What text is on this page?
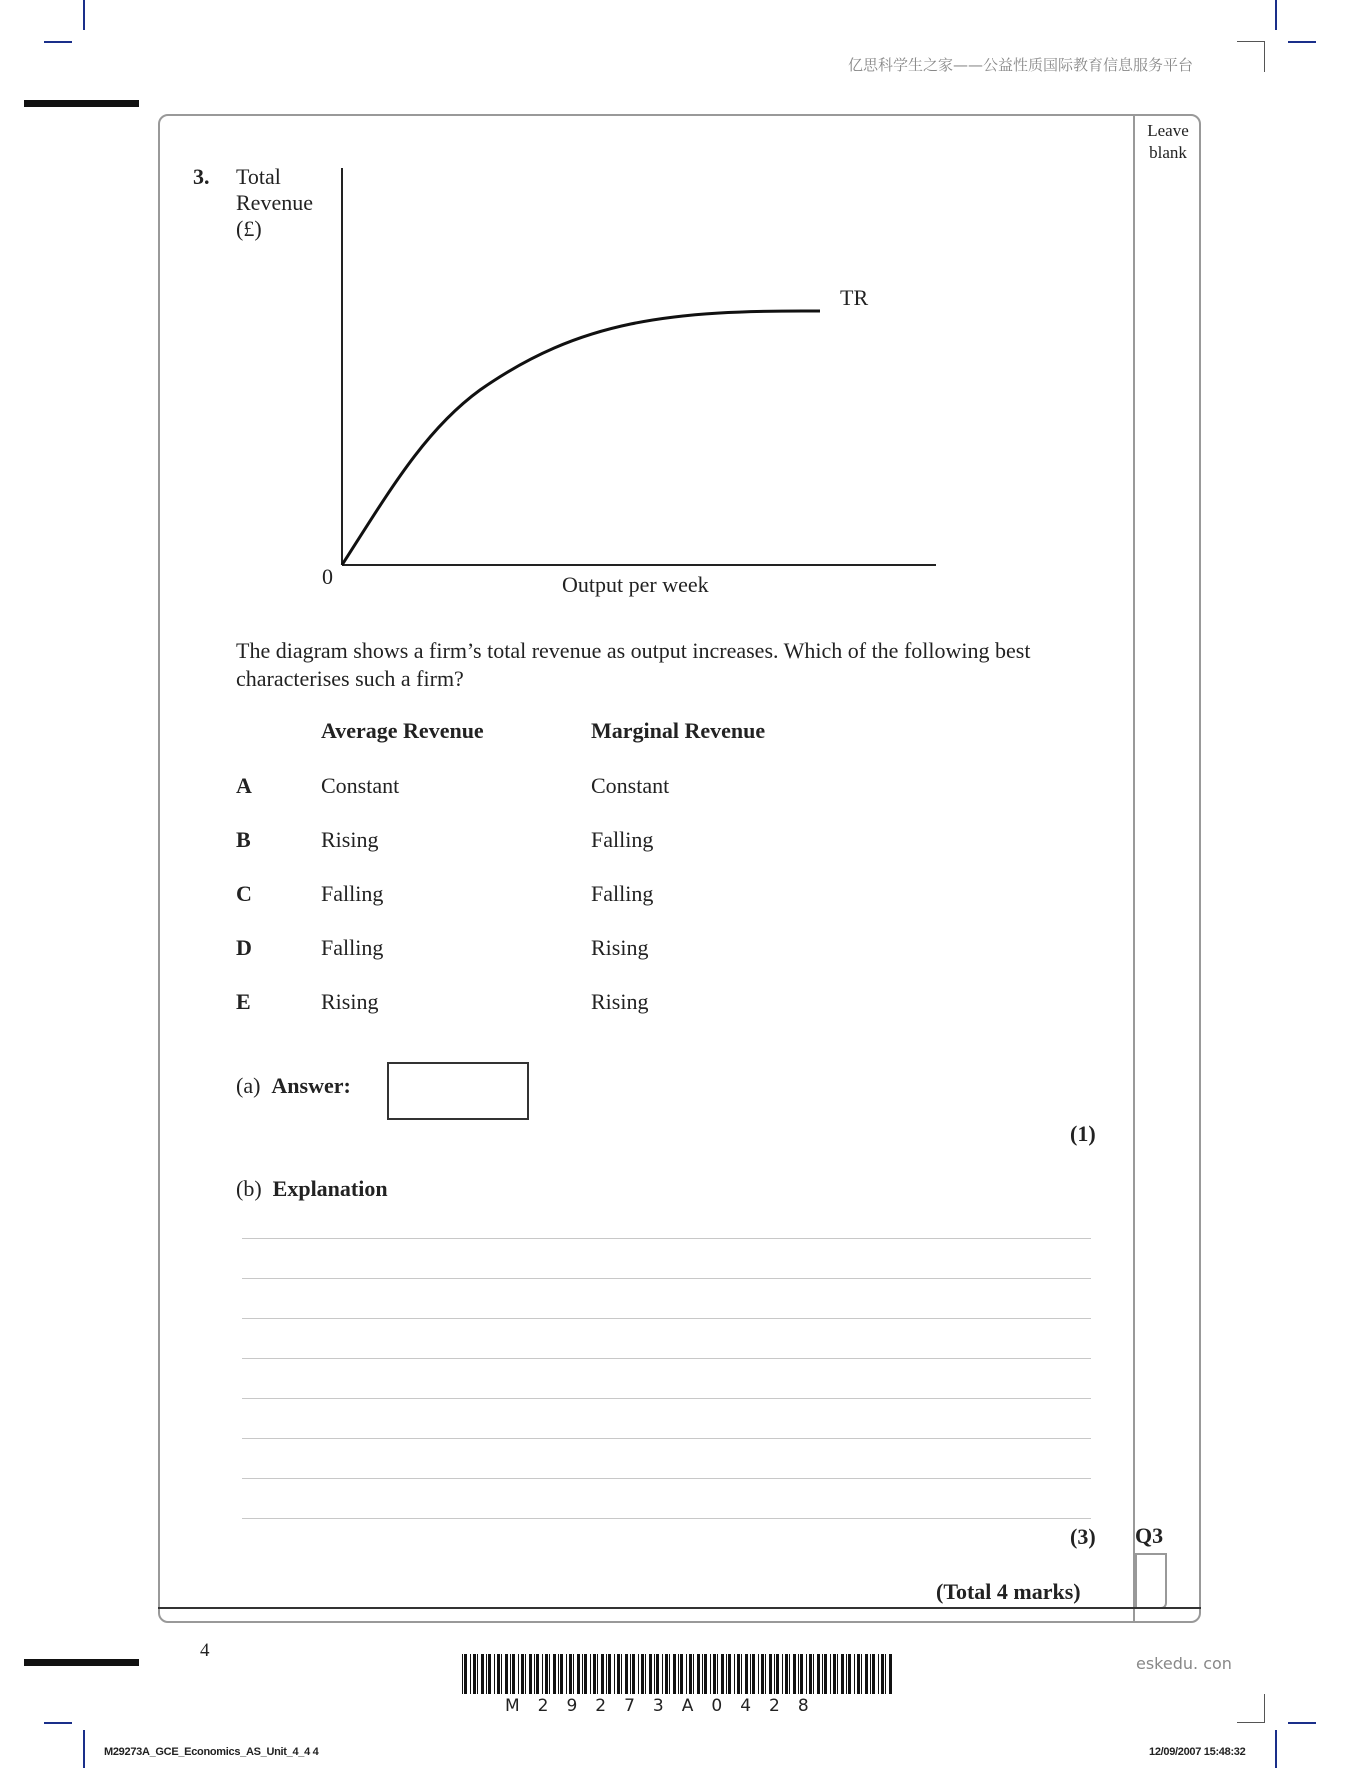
亿思科学生之家——公益性质国际教育信息服务平台
Leave
blank
3. Total
Revenue
(£)
TR
0	Output per week
The diagram shows a firm’s total revenue as output increases. Which of the following best characterises such a firm?
Average Revenue	Marginal Revenue
A	Constant	Constant
B	Rising	Falling
C	Falling	Falling
D	Falling	Rising
E	Rising	Rising
(a) Answer:
(1)
(b) Explanation
(3) Q3
(Total 4 marks)
4
M29273A0428
eskedu. con
M29273A_GCE_Economics_AS_Unit_4_4 4	12/09/2007 15:48:32
